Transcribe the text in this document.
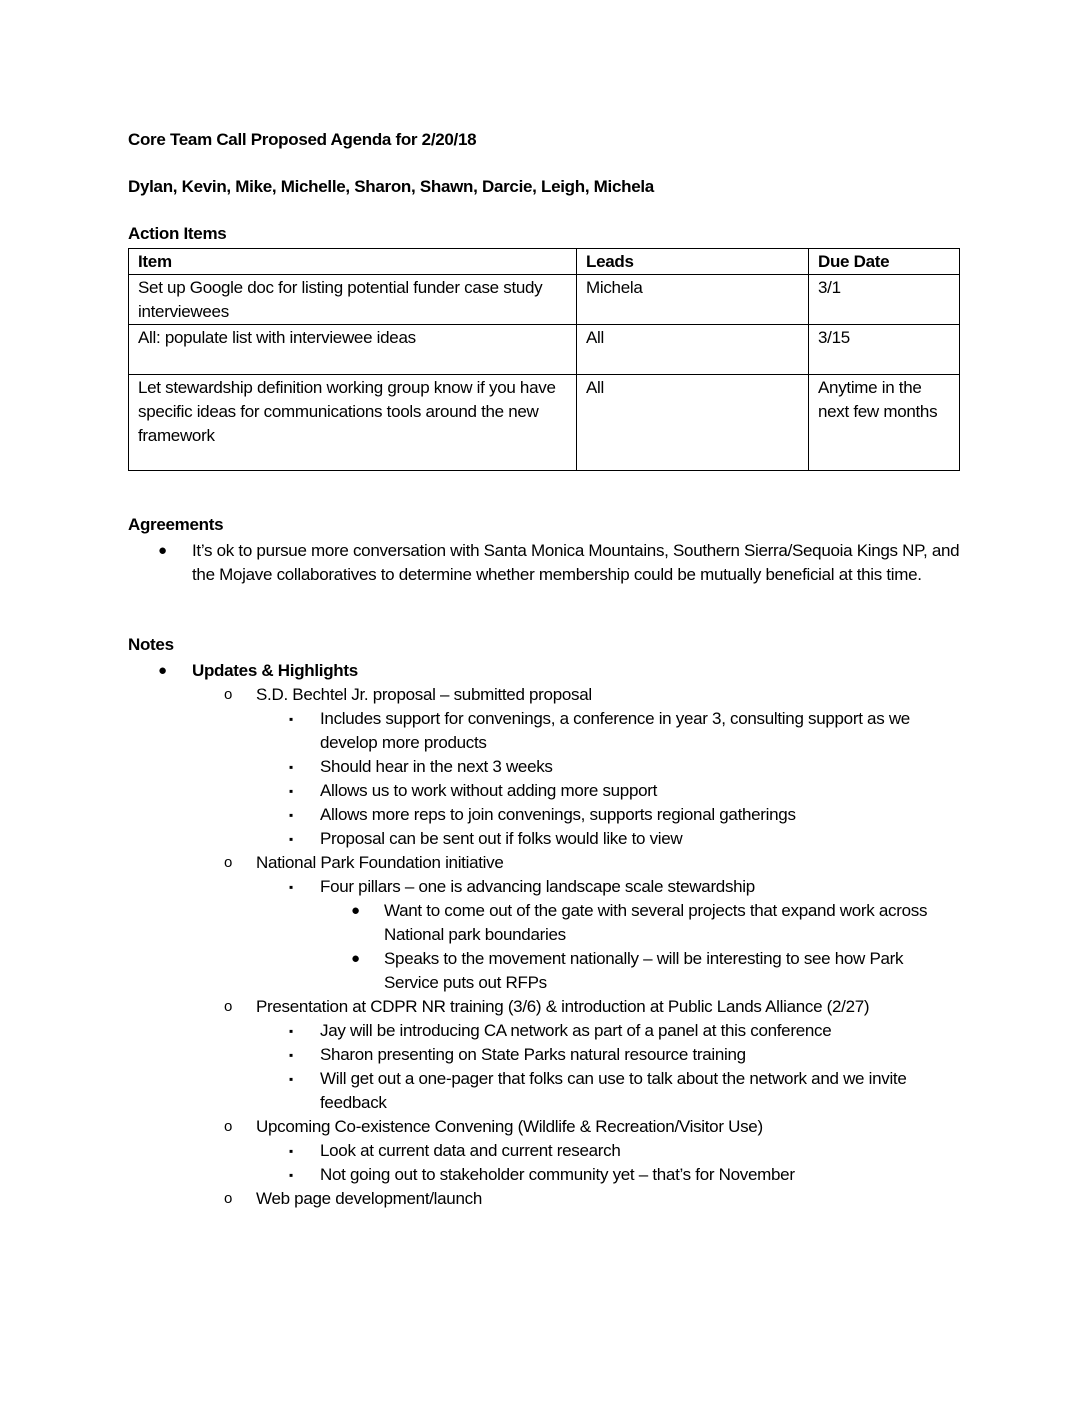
Core Team Call Proposed Agenda for 2/20/18
Dylan, Kevin, Mike, Michelle, Sharon, Shawn, Darcie, Leigh, Michela
Action Items
Item	Leads	Due Date
Set up Google doc for listing potential funder case study interviewees	Michela	3/1
All: populate list with interviewee ideas	All	3/15
Let stewardship definition working group know if you have specific ideas for communications tools around the new framework	All	Anytime in the next few months
Agreements
● It’s ok to pursue more conversation with Santa Monica Mountains, Southern Sierra/Sequoia Kings NP, and the Mojave collaboratives to determine whether membership could be mutually beneficial at this time.
Notes
● Updates & Highlights
o S.D. Bechtel Jr. proposal – submitted proposal
▪ Includes support for convenings, a conference in year 3, consulting support as we develop more products
▪ Should hear in the next 3 weeks
▪ Allows us to work without adding more support
▪ Allows more reps to join convenings, supports regional gatherings
▪ Proposal can be sent out if folks would like to view
o National Park Foundation initiative
▪ Four pillars – one is advancing landscape scale stewardship
● Want to come out of the gate with several projects that expand work across National park boundaries
● Speaks to the movement nationally – will be interesting to see how Park Service puts out RFPs
o Presentation at CDPR NR training (3/6) & introduction at Public Lands Alliance (2/27)
▪ Jay will be introducing CA network as part of a panel at this conference
▪ Sharon presenting on State Parks natural resource training
▪ Will get out a one-pager that folks can use to talk about the network and we invite feedback
o Upcoming Co-existence Convening (Wildlife & Recreation/Visitor Use)
▪ Look at current data and current research
▪ Not going out to stakeholder community yet – that’s for November
o Web page development/launch
